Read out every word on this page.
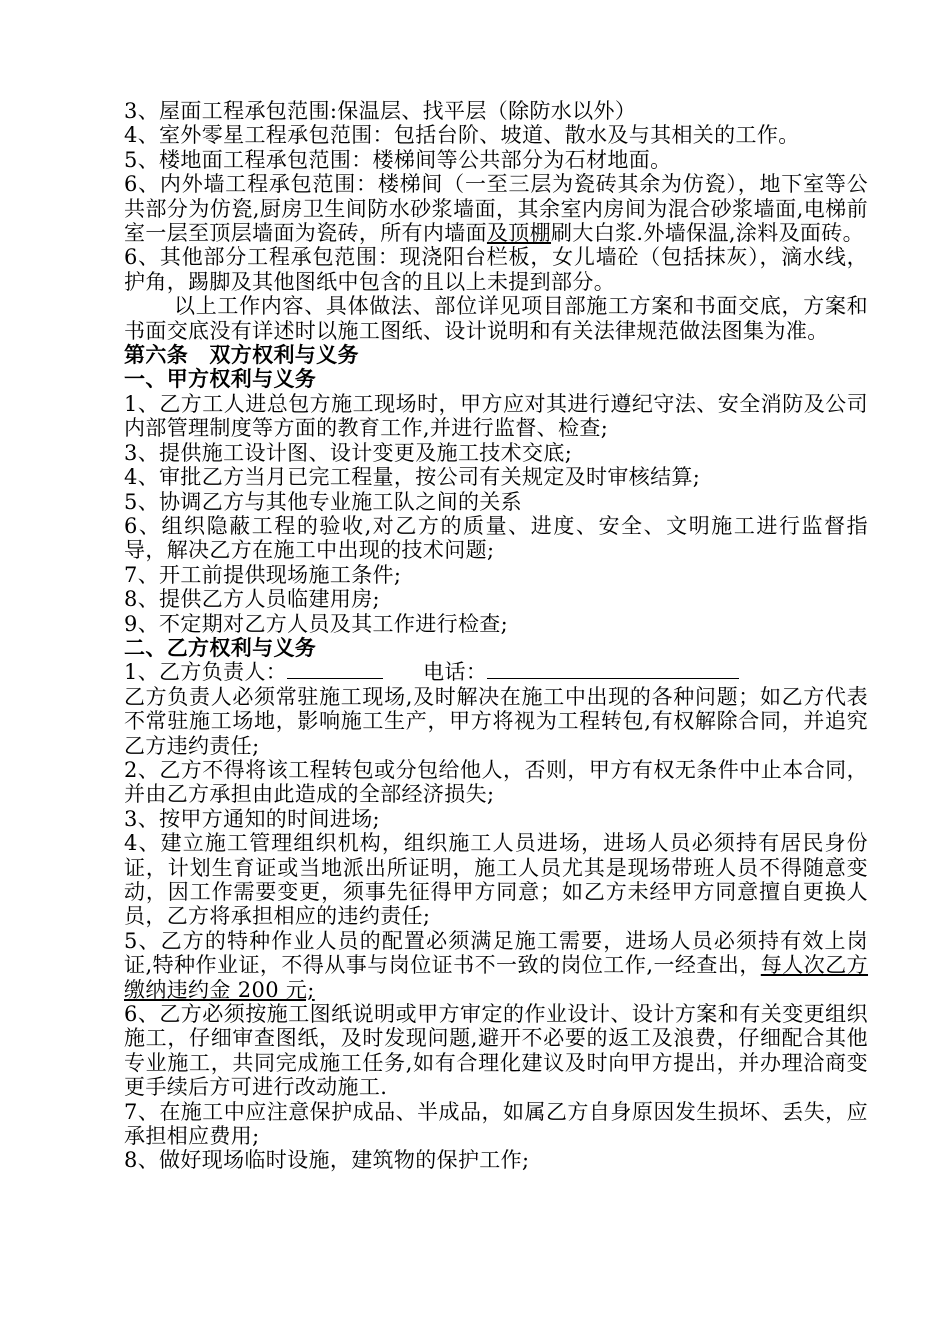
3、屋面工程承包范围:保温层、找平层（除防水以外）

4、室外零星工程承包范围：包括台阶、坡道、散水及与其相关的工作。

5、楼地面工程承包范围：楼梯间等公共部分为石材地面。

6、内外墙工程承包范围：楼梯间（一至三层为瓷砖其余为仿瓷），地下室等公共部分为仿瓷,厨房卫生间防水砂浆墙面，其余室内房间为混合砂浆墙面,电梯前室一层至顶层墙面为瓷砖，所有内墙面及顶棚刷大白浆.外墙保温,涂料及面砖。

6、其他部分工程承包范围：现浇阳台栏板，女儿墙砼（包括抹灰），滴水线，护角，踢脚及其他图纸中包含的且以上未提到部分。

以上工作内容、具体做法、部位详见项目部施工方案和书面交底，方案和书面交底没有详述时以施工图纸、设计说明和有关法律规范做法图集为准。

第六条　双方权利与义务

一、甲方权利与义务

1、乙方工人进总包方施工现场时，甲方应对其进行遵纪守法、安全消防及公司内部管理制度等方面的教育工作,并进行监督、检查;

3、提供施工设计图、设计变更及施工技术交底;

4、审批乙方当月已完工程量，按公司有关规定及时审核结算;

5、协调乙方与其他专业施工队之间的关系

6、组织隐蔽工程的验收,对乙方的质量、进度、安全、文明施工进行监督指导，解决乙方在施工中出现的技术问题;

7、开工前提供现场施工条件;

8、提供乙方人员临建用房;

9、不定期对乙方人员及其工作进行检查;

二、乙方权利与义务

1、乙方负责人：	电话：

乙方负责人必须常驻施工现场,及时解决在施工中出现的各种问题；如乙方代表不常驻施工场地，影响施工生产，甲方将视为工程转包,有权解除合同，并追究乙方违约责任;

2、乙方不得将该工程转包或分包给他人，否则，甲方有权无条件中止本合同，并由乙方承担由此造成的全部经济损失;

3、按甲方通知的时间进场;

4、建立施工管理组织机构，组织施工人员进场，进场人员必须持有居民身份证，计划生育证或当地派出所证明，施工人员尤其是现场带班人员不得随意变动，因工作需要变更，须事先征得甲方同意；如乙方未经甲方同意擅自更换人员，乙方将承担相应的违约责任;

5、乙方的特种作业人员的配置必须满足施工需要，进场人员必须持有效上岗证,特种作业证，不得从事与岗位证书不一致的岗位工作,一经查出，每人次乙方缴纳违约金 200 元;

6、乙方必须按施工图纸说明或甲方审定的作业设计、设计方案和有关变更组织施工，仔细审查图纸，及时发现问题,避开不必要的返工及浪费，仔细配合其他专业施工，共同完成施工任务,如有合理化建议及时向甲方提出，并办理洽商变更手续后方可进行改动施工.

7、在施工中应注意保护成品、半成品，如属乙方自身原因发生损坏、丢失，应承担相应费用;

8、做好现场临时设施，建筑物的保护工作;
